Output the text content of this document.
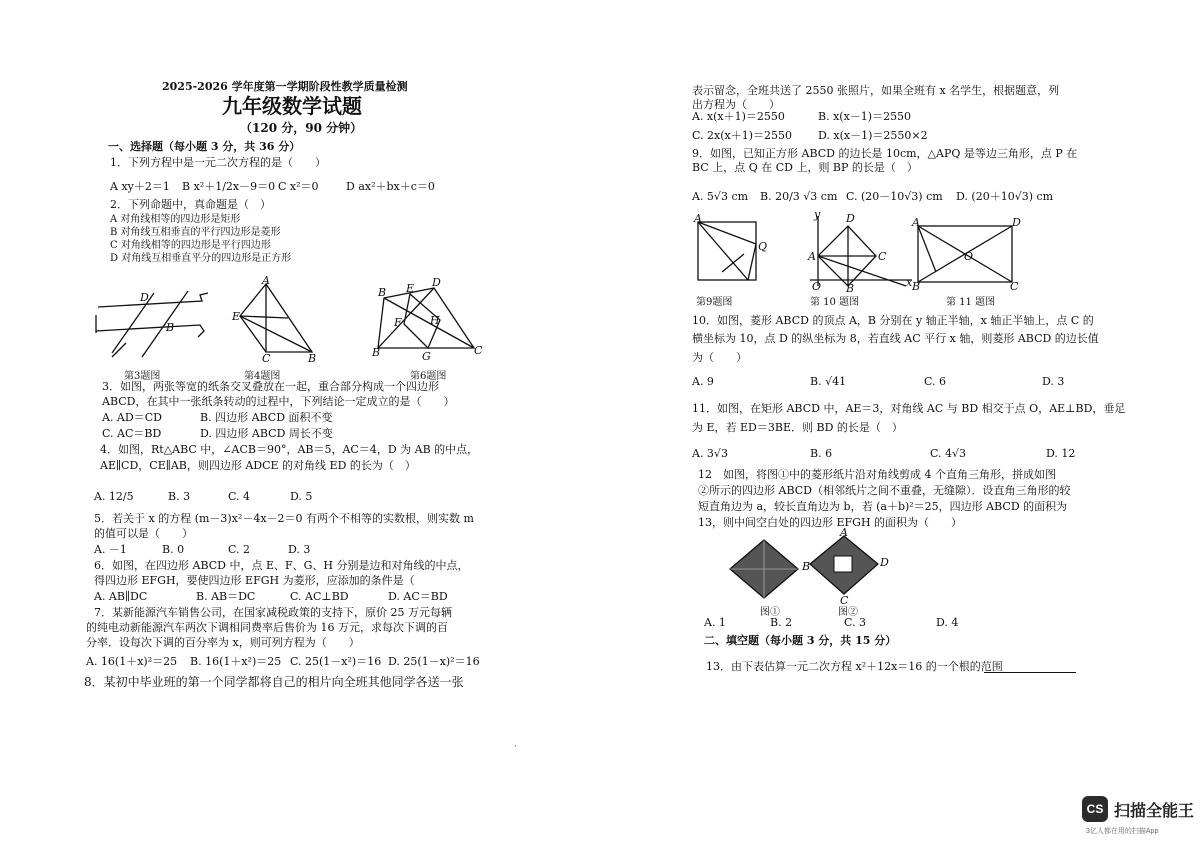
2025-2026 学年度第一学期阶段性教学质量检测
九年级数学试题
（120 分，90 分钟）
一、选择题（每小题 3 分，共 36 分）
1．下列方程中是一元二次方程的是（　　）
A xy＋2＝1 B x²＋1/2x－9＝0 C x²＝0 D ax²＋bx＋c＝0
2．下列命题中，真命题是（　）
A 对角线相等的四边形是矩形
B 对角线互相垂直的平行四边形是菱形
C 对角线相等的四边形是平行四边形
D 对角线互相垂直平分的四边形是正方形
D
B
第3题图
A
E
C	B
第4题图
B E D
F	H
B	G	C
第6题图
3．如图，两张等宽的纸条交叉叠放在一起，重合部分构成一个四边形
ABCD，在其中一张纸条转动的过程中，下列结论一定成立的是（　　）
A. AD＝CD	B. 四边形 ABCD 面积不变
C. AC＝BD	D. 四边形 ABCD 周长不变
4．如图，Rt△ABC 中，∠ACB＝90°，AB＝5，AC＝4，D 为 AB 的中点，
AE∥CD，CE∥AB，则四边形 ADCE 的对角线 ED 的长为（　）
A. 12/5	B. 3	C. 4	D. 5
5．若关于 x 的方程 (m－3)x²－4x－2＝0 有两个不相等的实数根，则实数 m
的值可以是（　　）
A. －1	B. 0	C. 2	D. 3
6．如图，在四边形 ABCD 中，点 E、F、G、H 分别是边和对角线的中点，
得四边形 EFGH，要使四边形 EFGH 为菱形，应添加的条件是（
A. AB∥DC	B. AB＝DC	C. AC⊥BD	D. AC＝BD
7．某新能源汽车销售公司，在国家减税政策的支持下，原价 25 万元每辆
的纯电动新能源汽车两次下调相同费率后售价为 16 万元，求每次下调的百
分率．设每次下调的百分率为 x，则可列方程为（　　）
A. 16(1＋x)²＝25 B. 16(1＋x²)＝25 C. 25(1－x²)＝16 D. 25(1－x)²＝16
8．某初中毕业班的第一个同学都将自己的相片向全班其他同学各送一张
·
表示留念，全班共送了 2550 张照片，如果全班有 x 名学生，根据题意，列
出方程为（　　）
A. x(x＋1)＝2550	B. x(x－1)＝2550
C. 2x(x＋1)＝2550 D. x(x－1)＝2550×2
9．如图，已知正方形 ABCD 的边长是 10cm，△APQ 是等边三角形，点 P 在
BC 上，点 Q 在 CD 上，则 BP 的长是（　）
A. 5√3 cm B. 20/3 √3 cm C. (20－10√3) cm D. (20＋10√3) cm
A
Q
第9题图
y D
A	C
O B	x
第 10 题图
A	D
O
B	C
第 11 题图
10．如图，菱形 ABCD 的顶点 A，B 分别在 y 轴正半轴，x 轴正半轴上，点 C 的
横坐标为 10，点 D 的纵坐标为 8，若直线 AC 平行 x 轴，则菱形 ABCD 的边长值
为（　　）
A. 9	B. √41	C. 6	D. 3
11．如图，在矩形 ABCD 中，AE＝3，对角线 AC 与 BD 相交于点 O，AE⊥BD，垂足
为 E，若 ED＝3BE．则 BD 的长是（　）
A. 3√3	B. 6	C. 4√3	D. 12
12　如图，将图①中的菱形纸片沿对角线剪成 4 个直角三角形，拼成如图
②所示的四边形 ABCD（相邻纸片之间不重叠，无缝隙）．设直角三角形的较
短直角边为 a，较长直角边为 b，若 (a＋b)²＝25，四边形 ABCD 的面积为
13，则中间空白处的四边形 EFGH 的面积为（　　）
图①
A
B	D
C
图②
A. 1	B. 2	C. 3	D. 4
二、填空题（每小题 3 分，共 15 分）
13．由下表估算一元二次方程 x²＋12x＝16 的一个根的范围
CS 扫描全能王
3亿人都在用的扫描App
